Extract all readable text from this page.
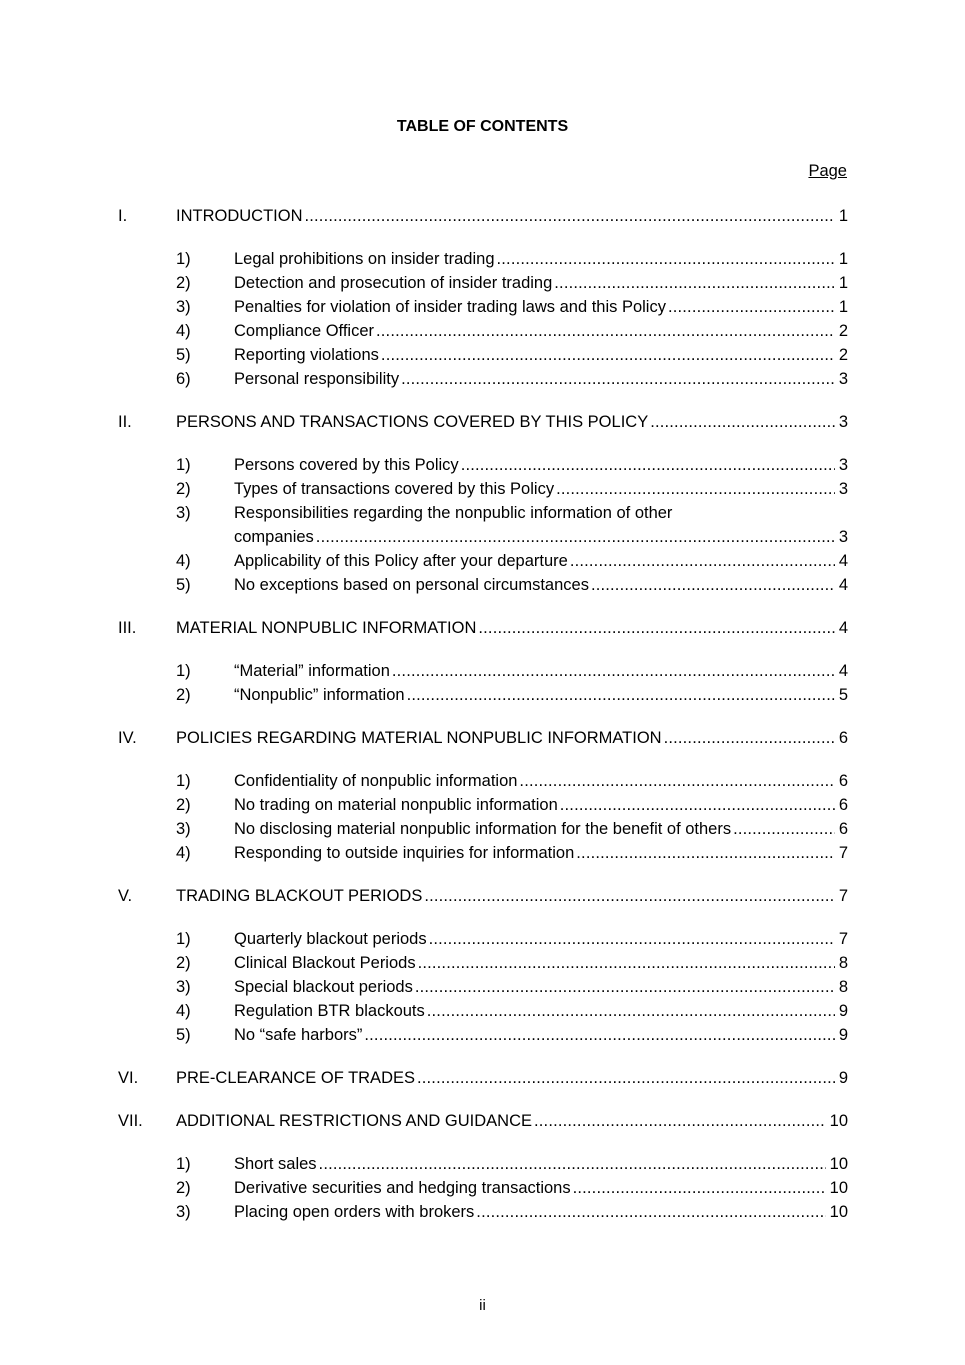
TABLE OF CONTENTS
Page
I.	INTRODUCTION . . .	1
1)	Legal prohibitions on insider trading . . .	1
2)	Detection and prosecution of insider trading . . .	1
3)	Penalties for violation of insider trading laws and this Policy . . .	1
4)	Compliance Officer . . .	2
5)	Reporting violations . . .	2
6)	Personal responsibility . . .	3
II.	PERSONS AND TRANSACTIONS COVERED BY THIS POLICY . . .	3
1)	Persons covered by this Policy . . .	3
2)	Types of transactions covered by this Policy . . .	3
3)	Responsibilities regarding the nonpublic information of other
companies . . .	3
4)	Applicability of this Policy after your departure . . .	4
5)	No exceptions based on personal circumstances . . .	4
III.	MATERIAL NONPUBLIC INFORMATION . . .	4
1)	“Material” information . . .	4
2)	“Nonpublic” information . . .	5
IV.	POLICIES REGARDING MATERIAL NONPUBLIC INFORMATION . . .	6
1)	Confidentiality of nonpublic information . . .	6
2)	No trading on material nonpublic information . . .	6
3)	No disclosing material nonpublic information for the benefit of others . . .	6
4)	Responding to outside inquiries for information . . .	7
V.	TRADING BLACKOUT PERIODS . . .	7
1)	Quarterly blackout periods . . .	7
2)	Clinical Blackout Periods . . .	8
3)	Special blackout periods . . .	8
4)	Regulation BTR blackouts . . .	9
5)	No “safe harbors” . . .	9
VI.	PRE-CLEARANCE OF TRADES . . .	9
VII.	ADDITIONAL RESTRICTIONS AND GUIDANCE . . .	10
1)	Short sales . . .	10
2)	Derivative securities and hedging transactions . . .	10
3)	Placing open orders with brokers . . .	10
ii
